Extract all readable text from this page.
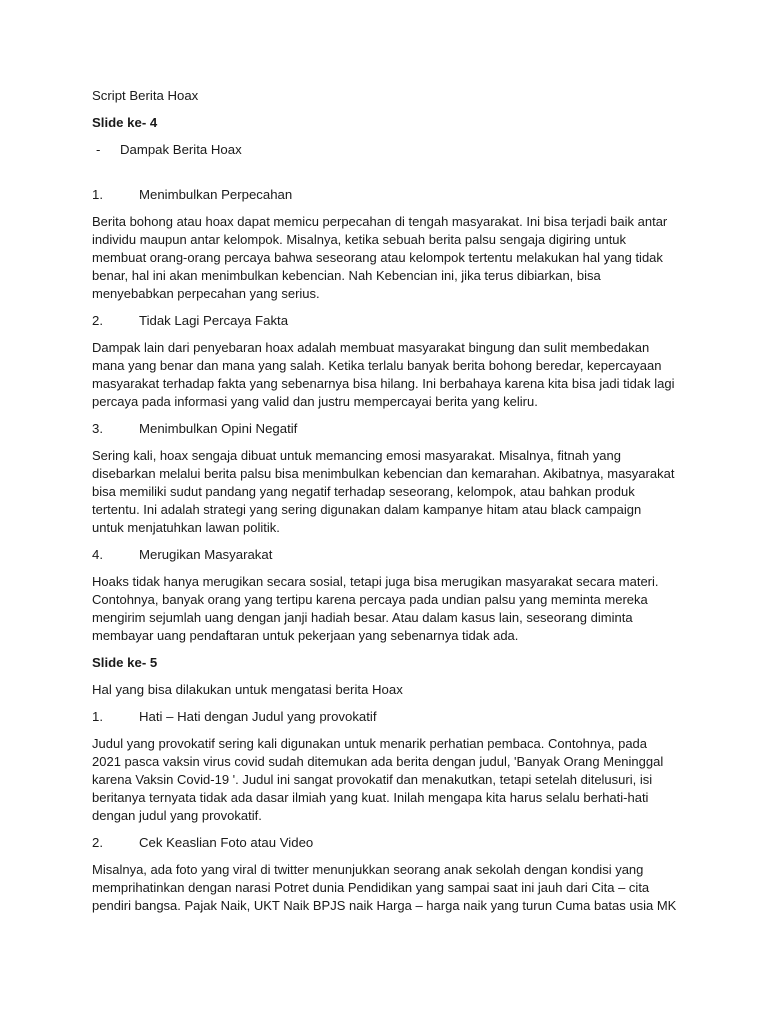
Script Berita Hoax
Slide ke- 4
- Dampak Berita Hoax
1.	Menimbulkan Perpecahan
Berita bohong atau hoax dapat memicu perpecahan di tengah masyarakat. Ini bisa terjadi baik antar
individu maupun antar kelompok. Misalnya, ketika sebuah berita palsu sengaja digiring untuk
membuat orang-orang percaya bahwa seseorang atau kelompok tertentu melakukan hal yang tidak
benar, hal ini akan menimbulkan kebencian. Nah Kebencian ini, jika terus dibiarkan, bisa
menyebabkan perpecahan yang serius.
2.	Tidak Lagi Percaya Fakta
Dampak lain dari penyebaran hoax adalah membuat masyarakat bingung dan sulit membedakan
mana yang benar dan mana yang salah. Ketika terlalu banyak berita bohong beredar, kepercayaan
masyarakat terhadap fakta yang sebenarnya bisa hilang. Ini berbahaya karena kita bisa jadi tidak lagi
percaya pada informasi yang valid dan justru mempercayai berita yang keliru.
3.	Menimbulkan Opini Negatif
Sering kali, hoax sengaja dibuat untuk memancing emosi masyarakat. Misalnya, fitnah yang
disebarkan melalui berita palsu bisa menimbulkan kebencian dan kemarahan. Akibatnya, masyarakat
bisa memiliki sudut pandang yang negatif terhadap seseorang, kelompok, atau bahkan produk
tertentu. Ini adalah strategi yang sering digunakan dalam kampanye hitam atau black campaign
untuk menjatuhkan lawan politik.
4.	Merugikan Masyarakat
Hoaks tidak hanya merugikan secara sosial, tetapi juga bisa merugikan masyarakat secara materi.
Contohnya, banyak orang yang tertipu karena percaya pada undian palsu yang meminta mereka
mengirim sejumlah uang dengan janji hadiah besar. Atau dalam kasus lain, seseorang diminta
membayar uang pendaftaran untuk pekerjaan yang sebenarnya tidak ada.
Slide ke- 5
Hal yang bisa dilakukan untuk mengatasi berita Hoax
1.	Hati – Hati dengan Judul yang provokatif
Judul yang provokatif sering kali digunakan untuk menarik perhatian pembaca. Contohnya, pada
2021 pasca vaksin virus covid sudah ditemukan ada berita dengan judul, 'Banyak Orang Meninggal
karena Vaksin Covid-19 '. Judul ini sangat provokatif dan menakutkan, tetapi setelah ditelusuri, isi
beritanya ternyata tidak ada dasar ilmiah yang kuat. Inilah mengapa kita harus selalu berhati-hati
dengan judul yang provokatif.
2.	Cek Keaslian Foto atau Video
Misalnya, ada foto yang viral di twitter menunjukkan seorang anak sekolah dengan kondisi yang
memprihatinkan dengan narasi Potret dunia Pendidikan yang sampai saat ini jauh dari Cita – cita
pendiri bangsa. Pajak Naik, UKT Naik BPJS naik Harga – harga naik yang turun Cuma batas usia MK
